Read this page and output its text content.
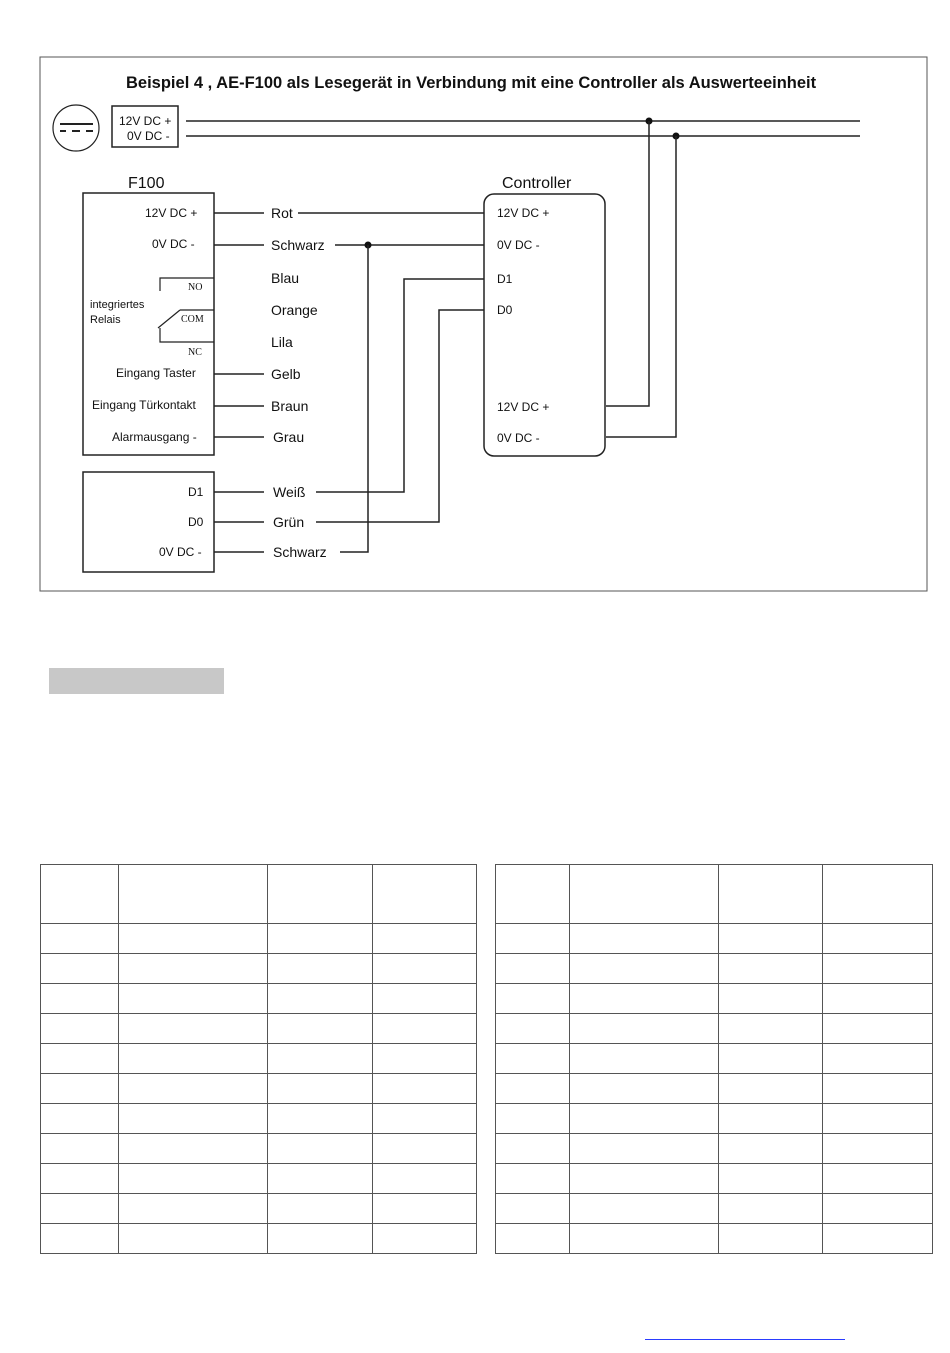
Beispiel 4 , AE-F100 als Lesegerät in Verbindung mit eine Controller als Auswerteeinheit
12V DC +
0V DC -
F100
12V DC +
0V DC -
integriertes
Relais
NO
COM
NC
Eingang Taster
Eingang Türkontakt
Alarmausgang -
Rot
Schwarz
Blau
Orange
Lila
Gelb
Braun
Grau
D1
D0
0V DC -
Weiß
Grün
Schwarz
Controller
12V DC +
0V DC -
D1
D0
12V DC +
0V DC -
